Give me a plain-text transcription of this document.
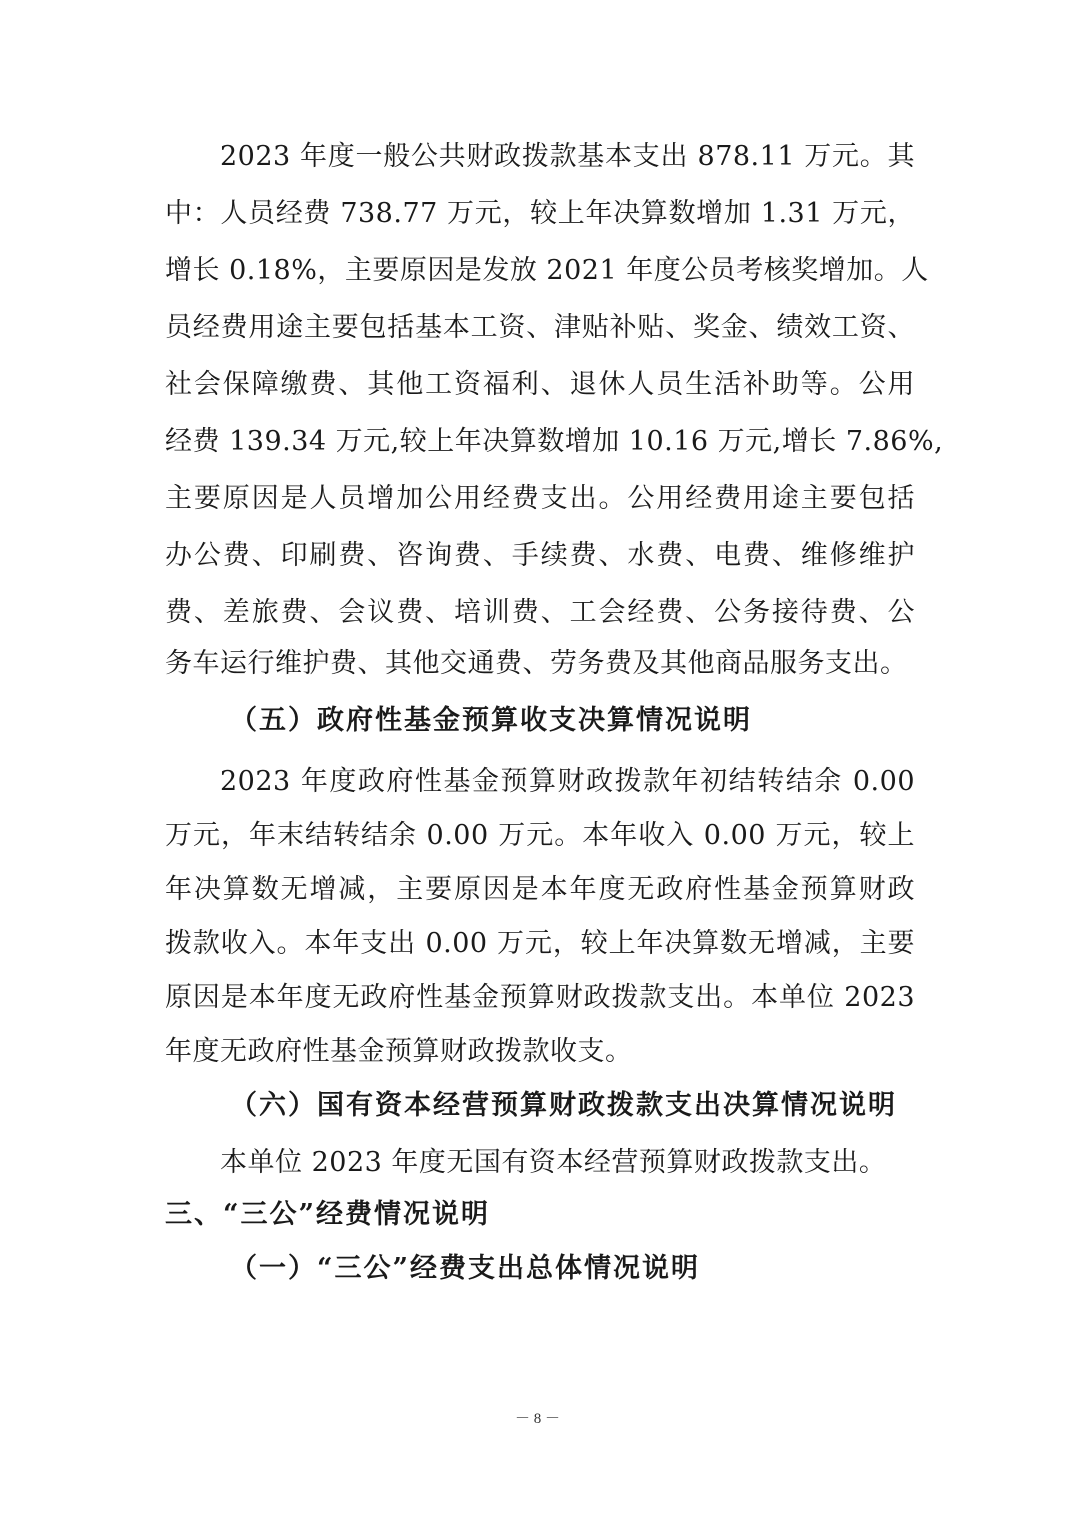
2023 年度一般公共财政拨款基本支出 878.11 万元。其
中：人员经费 738.77 万元，较上年决算数增加 1.31 万元，
增长 0.18%，主要原因是发放 2021 年度公员考核奖增加。人
员经费用途主要包括基本工资、津贴补贴、奖金、绩效工资、
社会保障缴费、其他工资福利、退休人员生活补助等。公用
经费 139.34 万元,较上年决算数增加 10.16 万元,增长 7.86%,
主要原因是人员增加公用经费支出。公用经费用途主要包括
办公费、印刷费、咨询费、手续费、水费、电费、维修维护
费、差旅费、会议费、培训费、工会经费、公务接待费、公
务车运行维护费、其他交通费、劳务费及其他商品服务支出。
（五）政府性基金预算收支决算情况说明
2023 年度政府性基金预算财政拨款年初结转结余 0.00
万元，年末结转结余 0.00 万元。本年收入 0.00 万元，较上
年决算数无增减，主要原因是本年度无政府性基金预算财政
拨款收入。本年支出 0.00 万元，较上年决算数无增减，主要
原因是本年度无政府性基金预算财政拨款支出。本单位 2023
年度无政府性基金预算财政拨款收支。
（六）国有资本经营预算财政拨款支出决算情况说明
本单位 2023 年度无国有资本经营预算财政拨款支出。
三、“三公”经费情况说明
（一）“三公”经费支出总体情况说明
－ 8 －
